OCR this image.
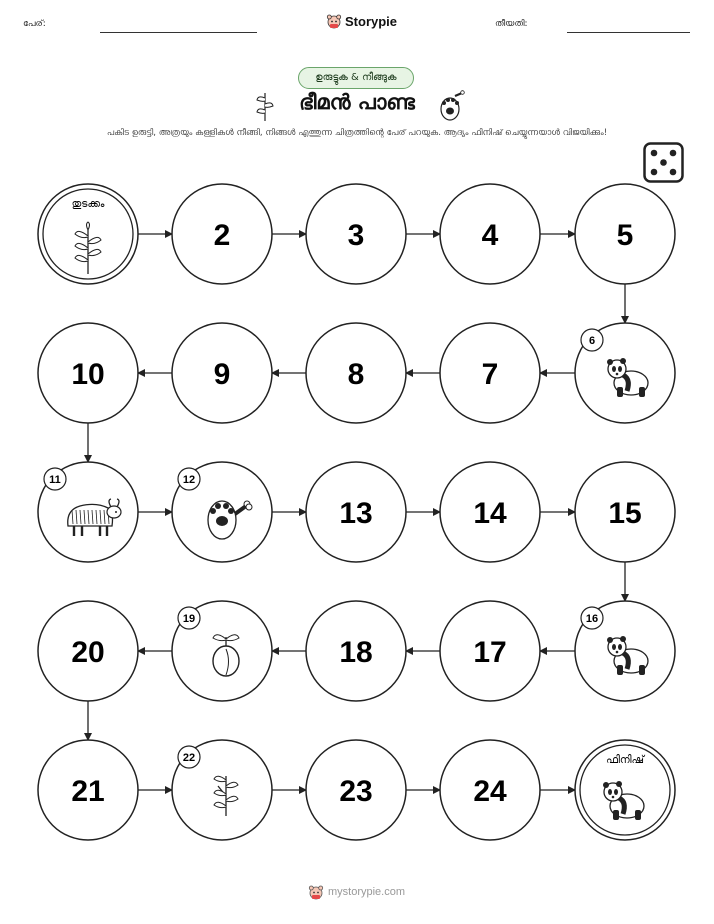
പേര്:	Storypie	തീയതി:
ഉരുട്ടുക & നീങ്ങുക
ഭീമൻ പാണ്ട
പകിട ഉരുട്ടി, അത്രയും കള്ളികൾ നീങ്ങി, നിങ്ങൾ എത്തുന്ന ചിത്രത്തിന്റെ പേര് പറയുക. ആദ്യം ഫിനിഷ് ചെയ്യുന്നയാൾ വിജയിക്കും!
തുടക്കം
2	3	4	5
6
7
8
9
10
11	12
13	14	15
16
17
18
19
20
21
22
23	24
ഫിനിഷ്
mystorypie.com
